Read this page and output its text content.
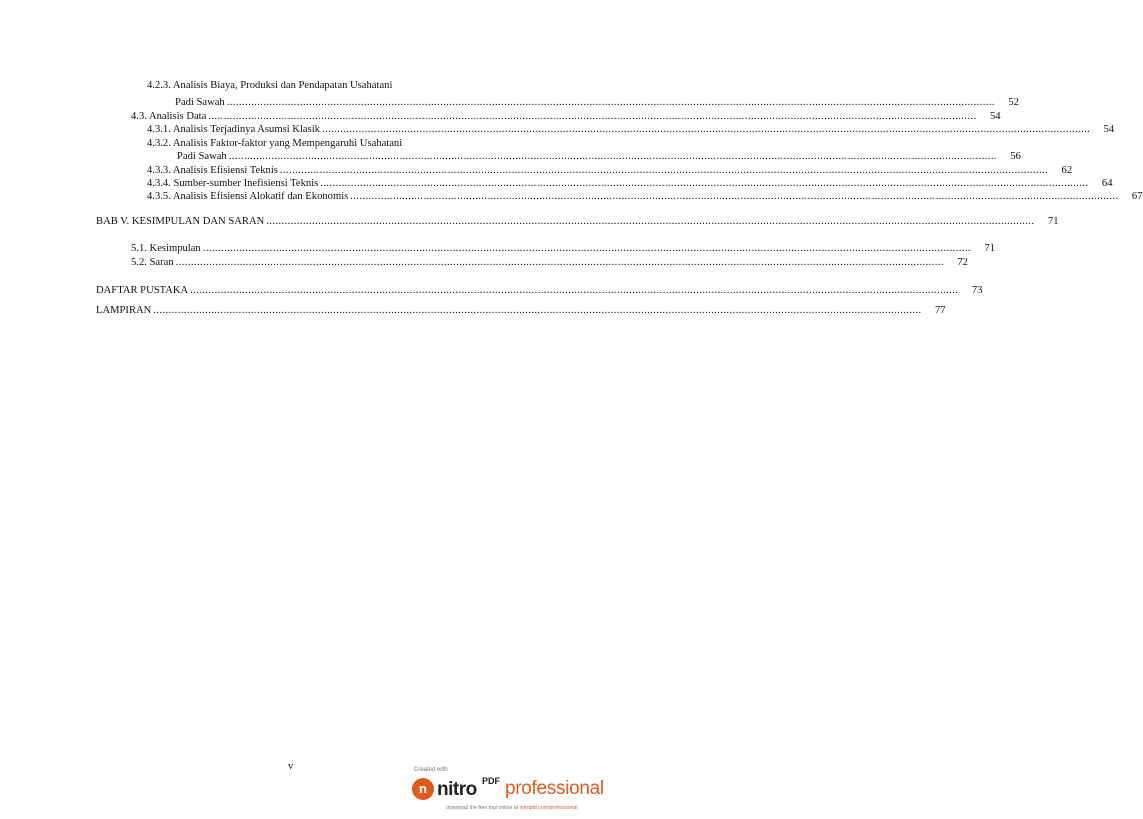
4.2.3. Analisis Biaya, Produksi dan Pendapatan Usahatani
Padi Sawah .....	52
4.3. Analisis Data .....	54
4.3.1. Analisis Terjadinya Asumsi Klasik .....	54
4.3.2. Analisis Faktor-faktor yang Mempengaruhi Usahatani
Padi Sawah .....	56
4.3.3. Analisis Efisiensi Teknis .....	62
4.3.4. Sumber-sumber Inefisiensi Teknis .....	64
4.3.5. Analisis Efisiensi Alokatif dan Ekonomis .....	67
BAB V. KESIMPULAN DAN SARAN .....	71
5.1. Kesimpulan .....	71
5.2. Saran .....	72
DAFTAR PUSTAKA .....	73
LAMPIRAN .....	77
v	Created with
n nitro PDF professional
download the free trial online at nitropdf.com/professional
